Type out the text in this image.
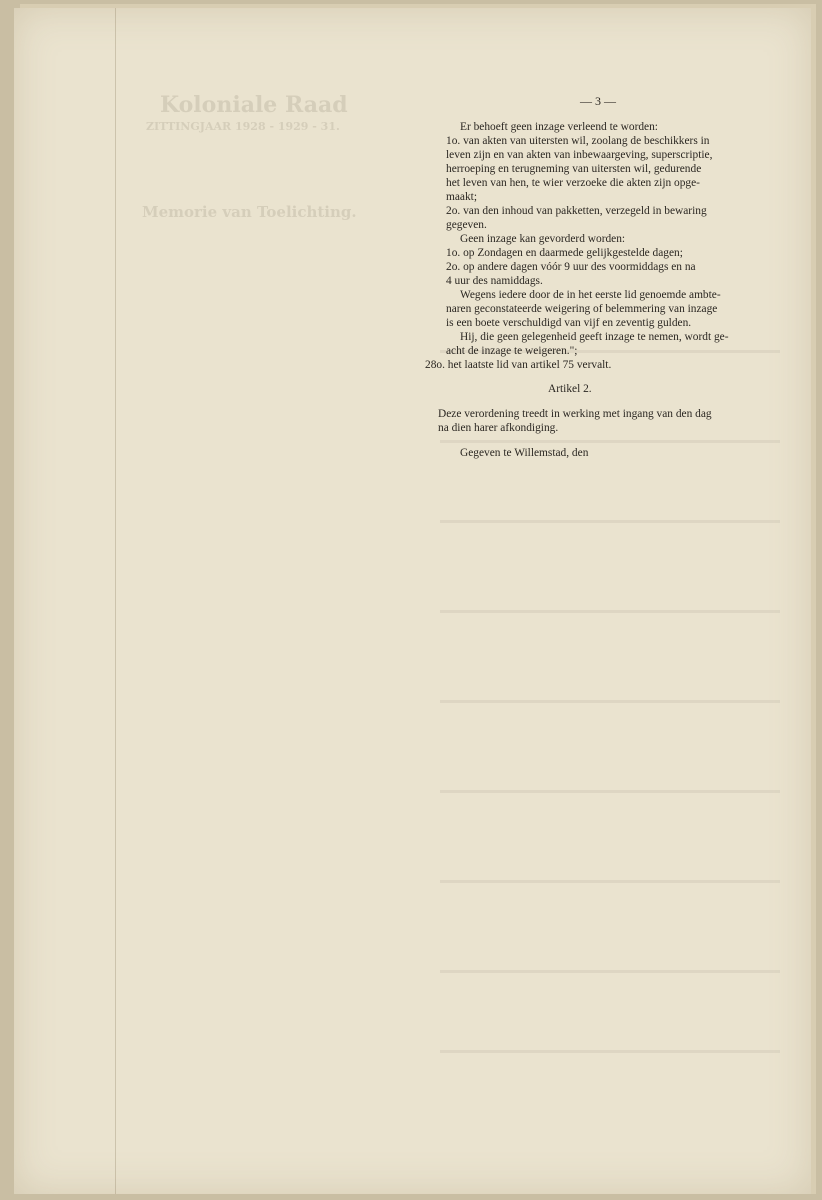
Koloniale Raad
ZITTINGJAAR 1928 - 1929 - 31.
Memorie van Toelichting.
— 3 —
Er behoeft geen inzage verleend te worden:
1o. van akten van uitersten wil, zoolang de beschikkers in
leven zijn en van akten van inbewaargeving, superscriptie,
herroeping en terugneming van uitersten wil, gedurende
het leven van hen, te wier verzoeke die akten zijn opge-
maakt;
2o. van den inhoud van pakketten, verzegeld in bewaring
gegeven.
Geen inzage kan gevorderd worden:
1o. op Zondagen en daarmede gelijkgestelde dagen;
2o. op andere dagen vóór 9 uur des voormiddags en na
4 uur des namiddags.
Wegens iedere door de in het eerste lid genoemde ambte-
naren geconstateerde weigering of belemmering van inzage
is een boete verschuldigd van vijf en zeventig gulden.
Hij, die geen gelegenheid geeft inzage te nemen, wordt ge-
acht de inzage te weigeren.";
28o. het laatste lid van artikel 75 vervalt.
Artikel 2.
Deze verordening treedt in werking met ingang van den dag
na dien harer afkondiging.
Gegeven te Willemstad, den
